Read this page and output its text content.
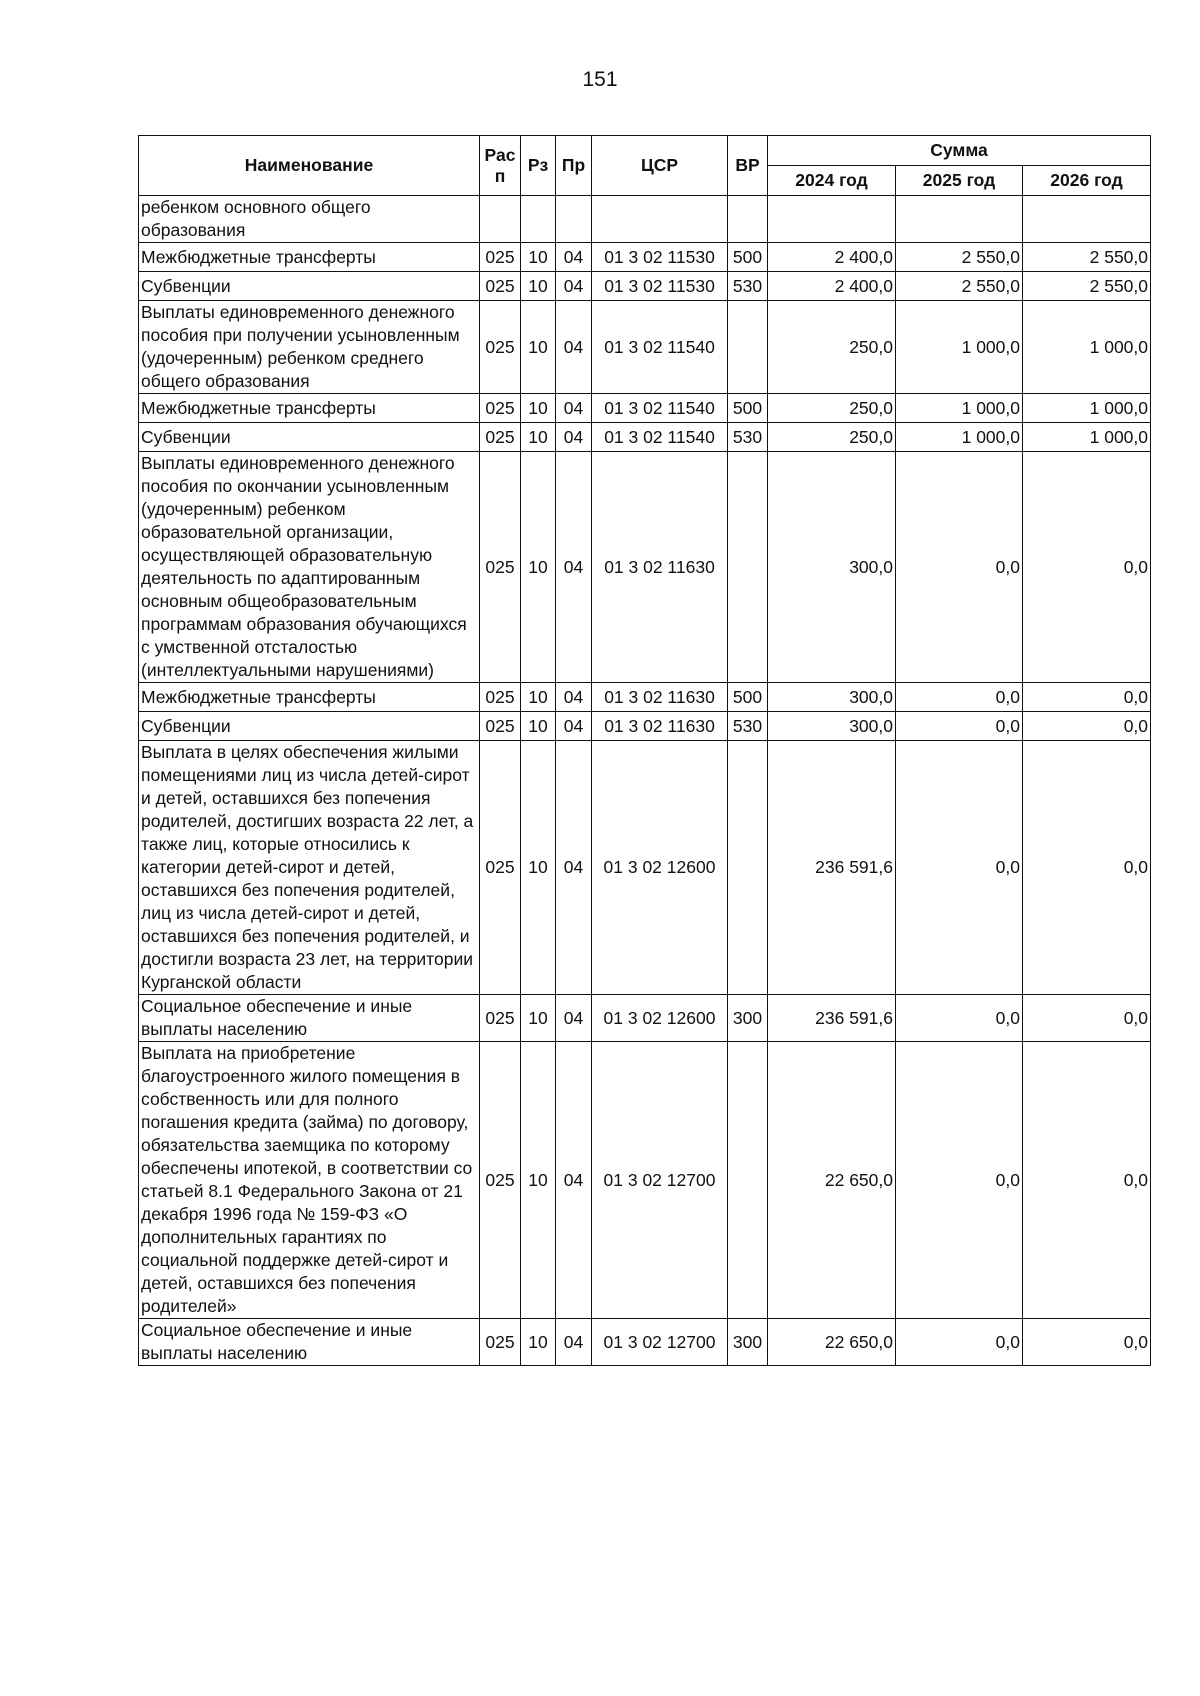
151
Наименование	Рас п	Рз	Пр	ЦСР	ВР	Сумма		
						2024 год	2025 год	2026 год
ребенком основного общего образования								
Межбюджетные трансферты	025	10	04	01 3 02 11530	500	2 400,0	2 550,0	2 550,0
Субвенции	025	10	04	01 3 02 11530	530	2 400,0	2 550,0	2 550,0
Выплаты единовременного денежного пособия при получении усыновленным (удочеренным) ребенком среднего общего образования	025	10	04	01 3 02 11540		250,0	1 000,0	1 000,0
Межбюджетные трансферты	025	10	04	01 3 02 11540	500	250,0	1 000,0	1 000,0
Субвенции	025	10	04	01 3 02 11540	530	250,0	1 000,0	1 000,0
Выплаты единовременного денежного пособия по окончании усыновленным (удочеренным) ребенком образовательной организации, осуществляющей образовательную деятельность по адаптированным основным общеобразовательным программам образования обучающихся с умственной отсталостью (интеллектуальными нарушениями)	025	10	04	01 3 02 11630		300,0	0,0	0,0
Межбюджетные трансферты	025	10	04	01 3 02 11630	500	300,0	0,0	0,0
Субвенции	025	10	04	01 3 02 11630	530	300,0	0,0	0,0
Выплата в целях обеспечения жилыми помещениями лиц из числа детей-сирот и детей, оставшихся без попечения родителей, достигших возраста 22 лет, а также лиц, которые относились к категории детей-сирот и детей, оставшихся без попечения родителей, лиц из числа детей-сирот и детей, оставшихся без попечения родителей, и достигли возраста 23 лет, на территории Курганской области	025	10	04	01 3 02 12600		236 591,6	0,0	0,0
Социальное обеспечение и иные выплаты населению	025	10	04	01 3 02 12600	300	236 591,6	0,0	0,0
Выплата на приобретение благоустроенного жилого помещения в собственность или для полного погашения кредита (займа) по договору, обязательства заемщика по которому обеспечены ипотекой, в соответствии со статьей 8.1 Федерального Закона от 21 декабря 1996 года № 159-ФЗ «О дополнительных гарантиях по социальной поддержке детей-сирот и детей, оставшихся без попечения родителей»	025	10	04	01 3 02 12700		22 650,0	0,0	0,0
Социальное обеспечение и иные выплаты населению	025	10	04	01 3 02 12700	300	22 650,0	0,0	0,0
